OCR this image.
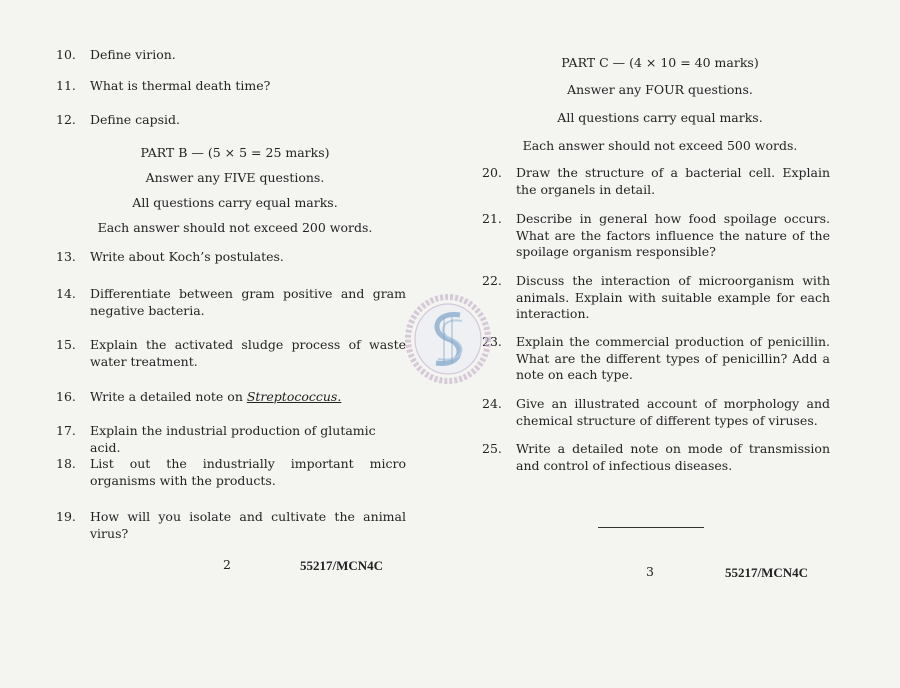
10.	Define virion.
11.	What is thermal death time?
12.	Define capsid.
PART B — (5 × 5 = 25 marks)
Answer any FIVE questions.
All questions carry equal marks.
Each answer should not exceed 200 words.
13.	Write about Koch’s postulates.
14.	Differentiate between gram positive and gram negative bacteria.
15.	Explain the activated sludge process of waste water treatment.
16.	Write a detailed note on Streptococcus.
17.	Explain the industrial production of glutamic acid.
18.	List out the industrially important micro organisms with the products.
19.	How will you isolate and cultivate the animal virus?
2	55217/MCN4C
PART C — (4 × 10 = 40 marks)
Answer any FOUR questions.
All questions carry equal marks.
Each answer should not exceed 500 words.
20.	Draw the structure of a bacterial cell. Explain the organels in detail.
21.	Describe in general how food spoilage occurs. What are the factors influence the nature of the spoilage organism responsible?
22.	Discuss the interaction of microorganism with animals. Explain with suitable example for each interaction.
23.	Explain the commercial production of penicillin. What are the different types of penicillin? Add a note on each type.
24.	Give an illustrated account of morphology and chemical structure of different types of viruses.
25.	Write a detailed note on mode of transmission and control of infectious diseases.
3	55217/MCN4C
